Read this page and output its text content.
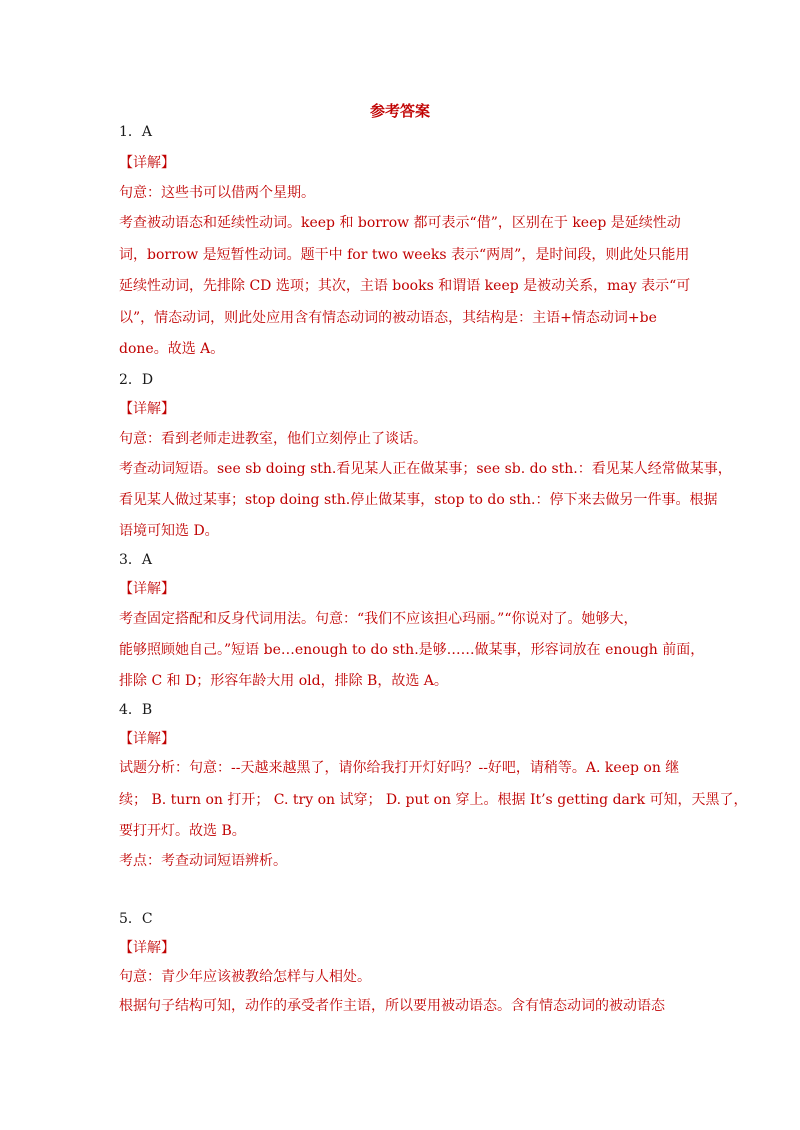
参考答案
1．A
【详解】
句意：这些书可以借两个星期。
考查被动语态和延续性动词。keep 和 borrow 都可表示“借”，区别在于 keep 是延续性动
词，borrow 是短暂性动词。题干中 for two weeks 表示“两周”，是时间段，则此处只能用
延续性动词，先排除 CD 选项；其次，主语 books 和谓语 keep 是被动关系，may 表示“可
以”，情态动词，则此处应用含有情态动词的被动语态，其结构是：主语+情态动词+be
done。故选 A。
2．D
【详解】
句意：看到老师走进教室，他们立刻停止了谈话。
考查动词短语。see sb doing sth.看见某人正在做某事；see sb. do sth.：看见某人经常做某事，
看见某人做过某事；stop doing sth.停止做某事，stop to do sth.：停下来去做另一件事。根据
语境可知选 D。
3．A
【详解】
考查固定搭配和反身代词用法。句意：“我们不应该担心玛丽。”“你说对了。她够大，
能够照顾她自己。”短语 be…enough to do sth.是够……做某事，形容词放在 enough 前面，
排除 C 和 D；形容年龄大用 old，排除 B，故选 A。
4．B
【详解】
试题分析：句意：--天越来越黑了，请你给我打开灯好吗？--好吧，请稍等。A. keep on 继
续； B. turn on 打开； C. try on 试穿； D. put on 穿上。根据 It’s getting dark 可知，天黑了，
要打开灯。故选 B。
考点：考查动词短语辨析。
5．C
【详解】
句意：青少年应该被教给怎样与人相处。
根据句子结构可知，动作的承受者作主语，所以要用被动语态。含有情态动词的被动语态
